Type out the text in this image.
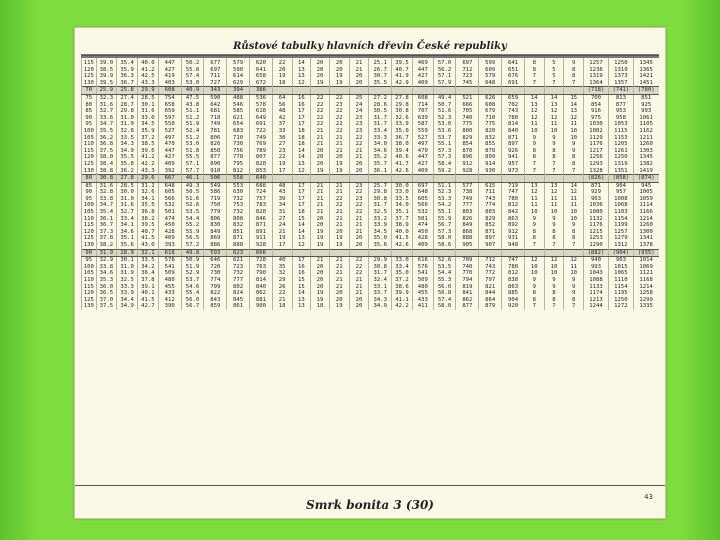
Růstové tabulky hlavních dřevin České republiky

115	39.0	35.4	40.0	447	50.2	677	579	620	22	14	20	20	21	25.1	39.5	469	57.0	697	599	641	8	5	9	1257	1250	1345
120	38.5	35.9	41.2	427	55.8	697	590	641	20	13	20	20	21	26.7	40.7	447	56.2	712	609	651	8	5	8	1236	1319	1365
125	39.9	36.3	42.5	419	57.4	711	614	658	19	13	20	19	20	30.7	41.9	427	57.1	723	579	676	7	5	8	1319	1373	1421
130	39.5	36.7	43.3	403	53.0	727	629	672	18	12	19	19	20	35.5	42.9	409	57.9	745	648	691	7	7	7	1364	1357	1451
70	25.9	25.8	29.9	608	40.9	343	394	386																(718)	(741)	(780)
75	32.3	27.4	28.5	754	47.5	590	488	536	64	16	22	22	25	27.2	27.8	608	49.4	521	626	659	14	14	15	700	813	851
80	31.6	28.7	30.1	658	43.8	642	546	578	56	16	22	23	24	28.6	29.8	714	50.7	666	608	702	13	13	14	854	877	925
85	32.7	29.8	31.6	659	51.1	681	585	618	48	17	22	22	24	30.5	30.8	707	51.6	705	679	743	12	12	13	916	953	993
90	33.6	31.0	33.0	597	51.2	718	621	649	42	17	22	22	23	31.7	32.6	639	52.3	740	710	780	12	12	12	975	958	1061
95	34.7	31.9	34.5	550	51.9	749	654	691	37	17	22	22	23	31.7	33.9	587	53.0	775	775	814	11	11	11	1030	1053	1105
100	35.5	32.8	35.9	527	52.4	781	683	722	33	18	21	22	23	33.4	35.0	559	53.6	800	820	840	10	10	10	1082	1115	1162
105	36.2	33.5	37.2	497	51.2	806	710	749	30	18	21	21	22	33.3	36.7	527	53.7	829	832	871	9	9	10	1129	1153	1211
110	36.8	34.3	38.5	470	53.0	826	730	769	27	18	21	21	22	34.0	38.0	497	55.1	854	855	897	9	9	9	1176	1205	1260
115	37.5	34.9	39.6	447	51.8	850	756	789	23	14	20	21	21	34.6	39.4	470	57.3	870	878	926	8	8	9	1217	1261	1303
120	38.0	35.5	41.2	427	55.5	877	778	807	22	14	20	20	21	35.2	40.6	447	57.3	896	899	941	8	8	8	1256	1250	1345
125	38.4	35.8	42.2	409	57.1	890	795	820	19	13	20	19	20	35.7	41.7	427	58.4	912	914	957	7	7	8	1293	1319	1382
130	38.8	36.2	43.3	392	57.7	910	812	853	17	12	19	19	20	36.1	42.6	409	59.2	928	930	973	7	7	7	1328	1351	1419
80	30.8	27.8	29.6	667	46.1	506	558	640																(826)	(858)	(874)
85	31.6	28.5	31.1	648	49.3	549	553	688	48	17	21	21	23	25.7	30.0	697	51.1	577	615	719	13	13	14	871	904	945
90	32.8	30.0	32.6	605	50.5	586	630	724	43	17	21	21	22	29.8	33.0	648	52.3	738	711	747	12	12	12	929	957	1005
95	33.8	31.0	34.1	566	51.6	719	732	757	39	17	21	22	23	30.8	33.5	605	53.3	749	743	780	11	11	11	963	1008	1059
100	34.7	31.6	35.5	532	52.6	750	753	783	34	17	21	22	22	31.7	34.0	566	54.2	777	774	812	11	11	11	1036	1068	1114
105	35.4	32.7	36.8	501	53.5	779	732	820	31	18	21	21	22	32.5	35.1	532	55.1	803	803	842	10	10	10	1080	1103	1166
110	36.1	33.4	38.2	474	54.4	806	808	846	27	15	20	21	21	33.2	37.7	501	55.9	826	829	863	9	9	10	1132	1154	1214
115	36.7	34.1	39.5	450	55.2	830	832	871	24	14	20	21	21	33.9	38.9	474	56.7	849	852	892	9	9	9	1176	1199	1260
120	37.3	34.6	40.7	428	55.9	849	851	891	21	14	19	20	21	34.5	40.0	450	57.3	868	871	912	8	8	8	1215	1257	1300
125	37.8	35.1	41.5	409	56.5	869	871	911	19	13	19	19	20	35.0	41.5	428	58.0	888	897	931	8	8	8	1253	1279	1341
130	38.2	35.6	43.0	393	57.2	886	888	928	17	12	19	19	20	35.6	42.6	409	58.6	905	907	948	7	7	7	1290	1312	1378
90	31.9	28.9	32.1	618	49.8	593	623	666																(882)	(904)	(935)
95	32.9	30.1	33.5	578	50.9	646	621	728	40	17	21	21	22	29.9	33.0	616	52.6	709	712	747	12	12	12	940	963	1014
100	33.8	31.0	34.2	541	51.9	720	723	763	35	16	20	21	22	30.8	33.4	576	53.5	740	743	780	10	10	11	993	1015	1069
105	34.6	31.9	36.4	509	52.9	730	732	790	32	16	20	21	22	31.7	35.0	541	54.4	770	772	812	10	10	10	1043	1065	1121
110	35.3	32.5	37.8	480	53.7	774	777	814	29	15	20	21	21	32.4	37.2	509	55.3	794	797	838	9	9	9	1088	1110	1168
115	36.0	33.3	39.1	455	54.6	799	802	840	26	15	20	21	21	33.1	38.6	480	56.0	819	821	863	9	9	9	1133	1154	1214
120	36.5	33.9	40.1	433	55.4	822	824	862	22	14	19	20	21	33.7	39.9	455	56.8	841	844	885	8	8	9	1174	1195	1258
125	37.0	34.4	41.5	412	56.0	843	845	881	21	13	19	20	20	34.3	41.1	433	57.4	862	864	904	8	8	8	1213	1250	1299
130	37.5	34.9	42.7	390	56.7	859	861	900	18	13	18	19	20	34.9	42.2	411	58.0	877	879	920	7	7	7	1244	1272	1335
Smrk bonita 3 (30)
43
